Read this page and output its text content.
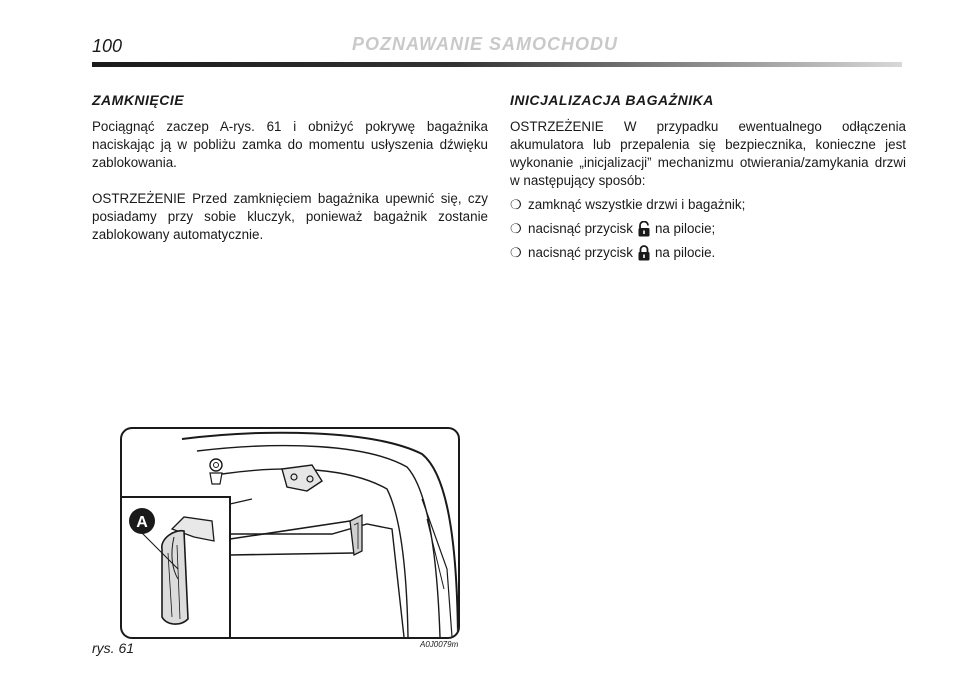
100	POZNAWANIE SAMOCHODU
ZAMKNIĘCIE

Pociągnąć zaczep A-rys. 61 i obniżyć pokrywę bagażnika naciskając ją w pobliżu zamka do momentu usłyszenia dźwięku zablokowania.

OSTRZEŻENIE Przed zamknięciem bagażnika upewnić się, czy posiadamy przy sobie kluczyk, ponieważ bagażnik zostanie zablokowany automatycznie.

INICJALIZACJA BAGAŻNIKA

OSTRZEŻENIE W przypadku ewentualnego odłączenia akumulatora lub przepalenia się bezpiecznika, konieczne jest wykonanie „inicjalizacji” mechanizmu otwierania/zamykania drzwi w następujący sposób:

❍ zamknąć wszystkie drzwi i bagażnik;
❍ nacisnąć przycisk na pilocie;
❍ nacisnąć przycisk na pilocie.
A
rys. 61	A0J0079m
